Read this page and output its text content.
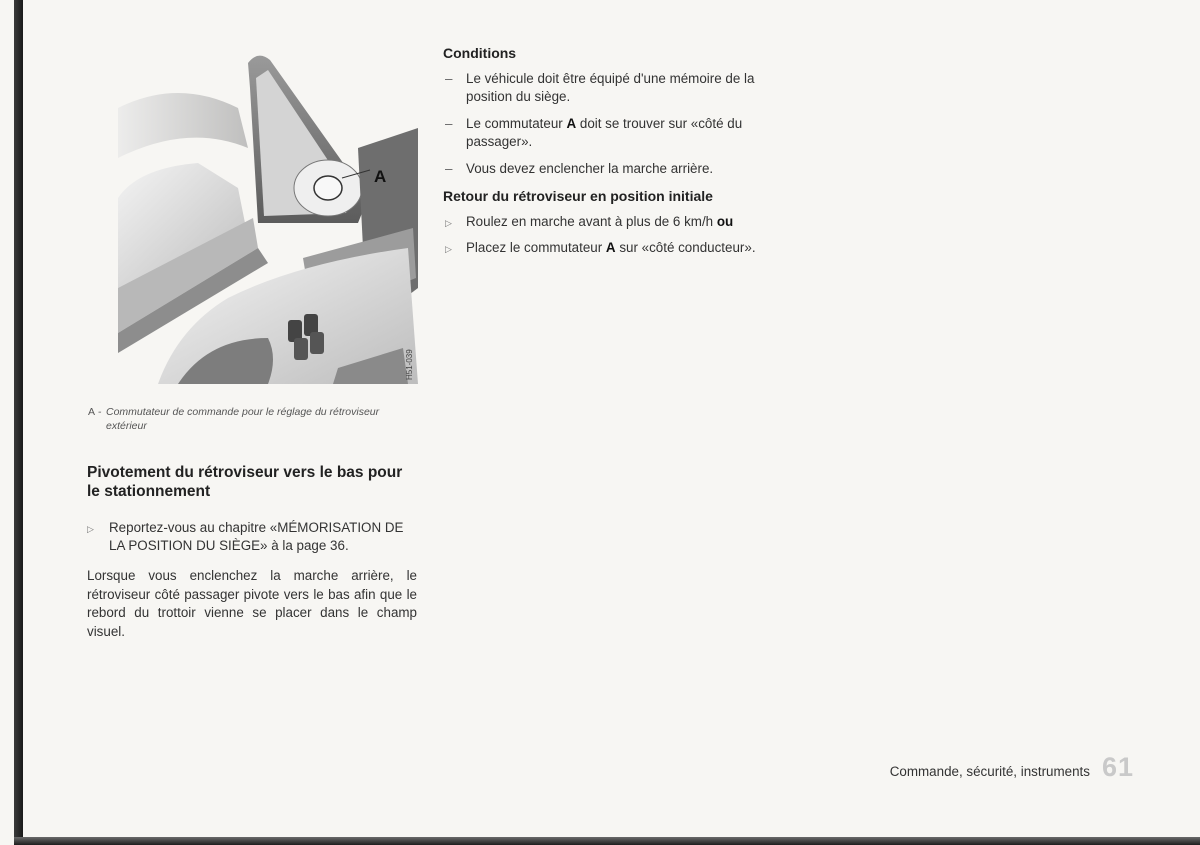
A
H51-039
A - Commutateur de commande pour le réglage du rétroviseur extérieur
Pivotement du rétroviseur vers le bas pour le stationnement
▷ Reportez-vous au chapitre «MÉMORISATION DE LA POSITION DU SIÈGE» à la page 36.
Lorsque vous enclenchez la marche arrière, le rétroviseur côté passager pivote vers le bas afin que le rebord du trottoir vienne se placer dans le champ visuel.
Conditions
– Le véhicule doit être équipé d'une mémoire de la position du siège.
– Le commutateur A doit se trouver sur «côté du passager».
– Vous devez enclencher la marche arrière.
Retour du rétroviseur en position initiale
▷ Roulez en marche avant à plus de 6 km/h ou
▷ Placez le commutateur A sur «côté conducteur».
Commande, sécurité, instruments 61
